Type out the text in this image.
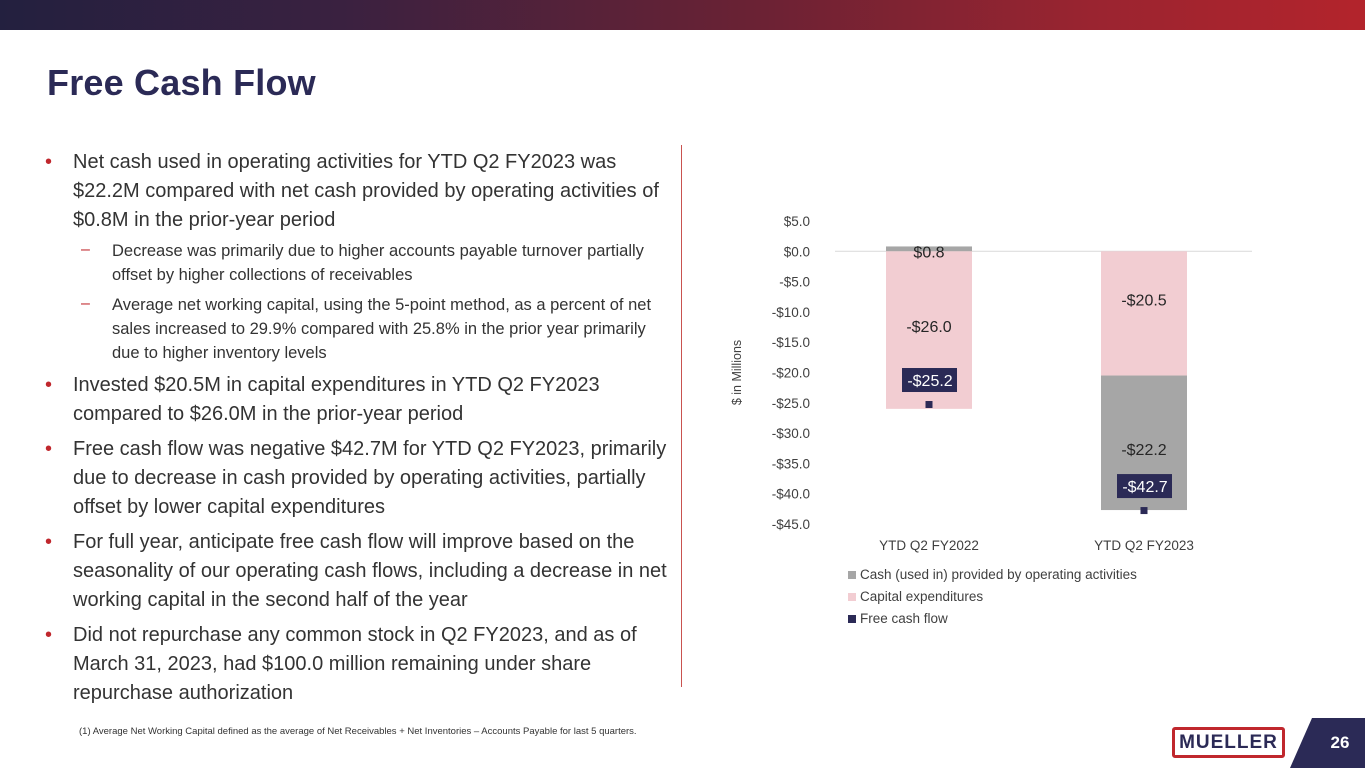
Free Cash Flow
• Net cash used in operating activities for YTD Q2 FY2023 was $22.2M compared with net cash provided by operating activities of $0.8M in the prior-year period
– Decrease was primarily due to higher accounts payable turnover partially offset by higher collections of receivables
– Average net working capital, using the 5-point method, as a percent of net sales increased to 29.9% compared with 25.8% in the prior year primarily due to higher inventory levels
• Invested $20.5M in capital expenditures in YTD Q2 FY2023 compared to $26.0M in the prior-year period
• Free cash flow was negative $42.7M for YTD Q2 FY2023, primarily due to decrease in cash provided by operating activities, partially offset by lower capital expenditures
• For full year, anticipate free cash flow will improve based on the seasonality of our operating cash flows, including a decrease in net working capital in the second half of the year
• Did not repurchase any common stock in Q2 FY2023, and as of March 31, 2023, had $100.0 million remaining under share repurchase authorization
$5.0
$0.0
-$5.0
-$10.0
-$15.0
-$20.0
-$25.0
-$30.0
-$35.0
-$40.0
-$45.0
$ in Millions
$0.8
-$26.0
-$25.2
YTD Q2 FY2022
-$22.2
-$20.5
-$42.7
YTD Q2 FY2023
Cash (used in) provided by operating activities
Capital expenditures
Free cash flow
(1) Average Net Working Capital defined as the average of Net Receivables + Net Inventories – Accounts Payable for last 5 quarters.
MUELLER	26
